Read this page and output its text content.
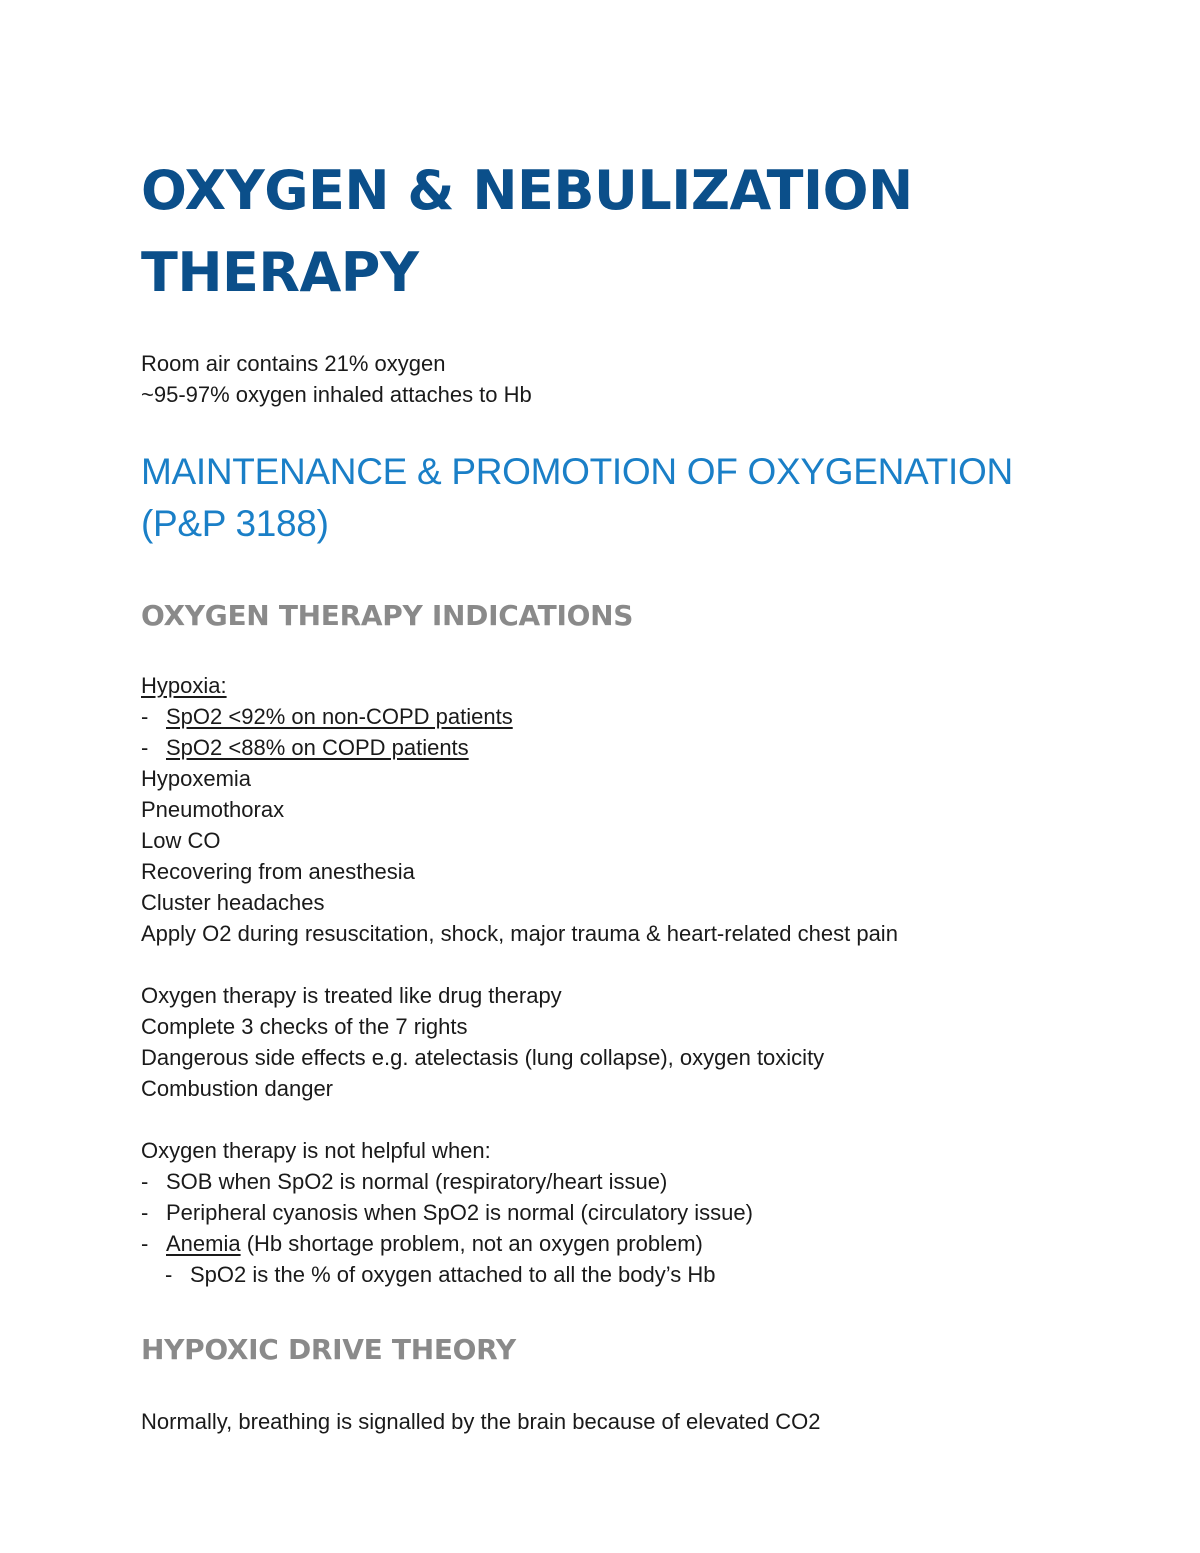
OXYGEN & NEBULIZATION
THERAPY
Room air contains 21% oxygen
~95-97% oxygen inhaled attaches to Hb
MAINTENANCE & PROMOTION OF OXYGENATION
(P&P 3188)
OXYGEN THERAPY INDICATIONS
Hypoxia:
- SpO2 <92% on non-COPD patients
- SpO2 <88% on COPD patients
Hypoxemia
Pneumothorax
Low CO
Recovering from anesthesia
Cluster headaches
Apply O2 during resuscitation, shock, major trauma & heart-related chest pain
Oxygen therapy is treated like drug therapy
Complete 3 checks of the 7 rights
Dangerous side effects e.g. atelectasis (lung collapse), oxygen toxicity
Combustion danger
Oxygen therapy is not helpful when:
- SOB when SpO2 is normal (respiratory/heart issue)
- Peripheral cyanosis when SpO2 is normal (circulatory issue)
- Anemia (Hb shortage problem, not an oxygen problem)
- SpO2 is the % of oxygen attached to all the body’s Hb
HYPOXIC DRIVE THEORY
Normally, breathing is signalled by the brain because of elevated CO2
